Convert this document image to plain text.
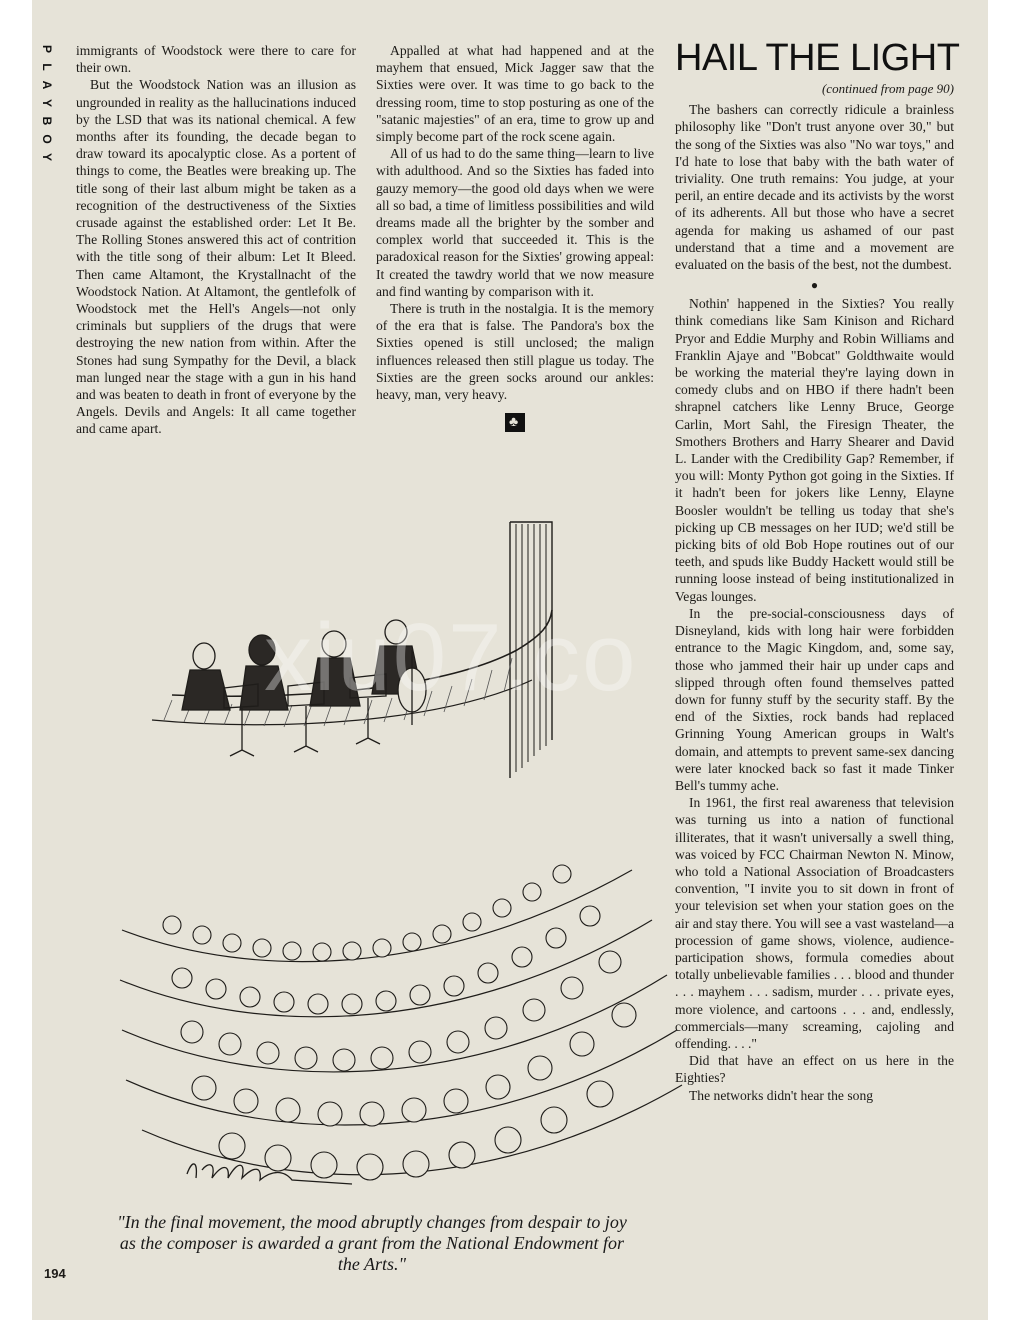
P
L
A
Y
B
O
Y

immigrants of Woodstock were there to care for their own.

But the Woodstock Nation was an illusion as ungrounded in reality as the hallucinations induced by the LSD that was its national chemical. A few months after its founding, the decade began to draw toward its apocalyptic close. As a portent of things to come, the Beatles were breaking up. The title song of their last album might be taken as a recognition of the destructiveness of the Sixties crusade against the established order: Let It Be. The Rolling Stones answered this act of contrition with the title song of their album: Let It Bleed. Then came Altamont, the Krystallnacht of the Woodstock Nation. At Altamont, the gentlefolk of Woodstock met the Hell's Angels—not only criminals but suppliers of the drugs that were destroying the new nation from within. After the Stones had sung Sympathy for the Devil, a black man lunged near the stage with a gun in his hand and was beaten to death in front of everyone by the Angels. Devils and Angels: It all came together and came apart.

Appalled at what had happened and at the mayhem that ensued, Mick Jagger saw that the Sixties were over. It was time to go back to the dressing room, time to stop posturing as one of the "satanic majesties" of an era, time to grow up and simply become part of the rock scene again.

All of us had to do the same thing—learn to live with adulthood. And so the Sixties has faded into gauzy memory—the good old days when we were all so bad, a time of limitless possibilities and wild dreams made all the brighter by the somber and complex world that succeeded it. This is the paradoxical reason for the Sixties' growing appeal: It created the tawdry world that we now measure and find wanting by comparison with it.

There is truth in the nostalgia. It is the memory of the era that is false. The Pandora's box the Sixties opened is still unclosed; the malign influences released then still plague us today. The Sixties are the green socks around our ankles: heavy, man, very heavy.

♣
HAIL THE LIGHT
(continued from page 90)

The bashers can correctly ridicule a brainless philosophy like "Don't trust anyone over 30," but the song of the Sixties was also "No war toys," and I'd hate to lose that baby with the bath water of triviality. One truth remains: You judge, at your peril, an entire decade and its activists by the worst of its adherents. All but those who have a secret agenda for making us ashamed of our past understand that a time and a movement are evaluated on the basis of the best, not the dumbest.

●

Nothin' happened in the Sixties? You really think comedians like Sam Kinison and Richard Pryor and Eddie Murphy and Robin Williams and Franklin Ajaye and "Bobcat" Goldthwaite would be working the material they're laying down in comedy clubs and on HBO if there hadn't been shrapnel catchers like Lenny Bruce, George Carlin, Mort Sahl, the Firesign Theater, the Smothers Brothers and Harry Shearer and David L. Lander with the Credibility Gap? Remember, if you will: Monty Python got going in the Sixties. If it hadn't been for jokers like Lenny, Elayne Boosler wouldn't be telling us today that she's picking up CB messages on her IUD; we'd still be picking bits of old Bob Hope routines out of our teeth, and spuds like Buddy Hackett would still be running loose instead of being institutionalized in Vegas lounges.

In the pre-social-consciousness days of Disneyland, kids with long hair were forbidden entrance to the Magic Kingdom, and, some say, those who jammed their hair up under caps and slipped through often found themselves patted down for funny stuff by the security staff. By the end of the Sixties, rock bands had replaced Grinning Young American groups in Walt's domain, and attempts to prevent same-sex dancing were later knocked back so fast it made Tinker Bell's tummy ache.

In 1961, the first real awareness that television was turning us into a nation of functional illiterates, that it wasn't universally a swell thing, was voiced by FCC Chairman Newton N. Minow, who told a National Association of Broadcasters convention, "I invite you to sit down in front of your television set when your station goes on the air and stay there. You will see a vast wasteland—a procession of game shows, violence, audience-participation shows, formula comedies about totally unbelievable families . . . blood and thunder . . . mayhem . . . sadism, murder . . . private eyes, more violence, and cartoons . . . and, endlessly, commercials—many screaming, cajoling and offending. . . ."

Did that have an effect on us here in the Eighties?

The networks didn't hear the song

"In the final movement, the mood abruptly changes from despair to joy as the composer is awarded a grant from the National Endowment for the Arts."
194
xiu07.co
